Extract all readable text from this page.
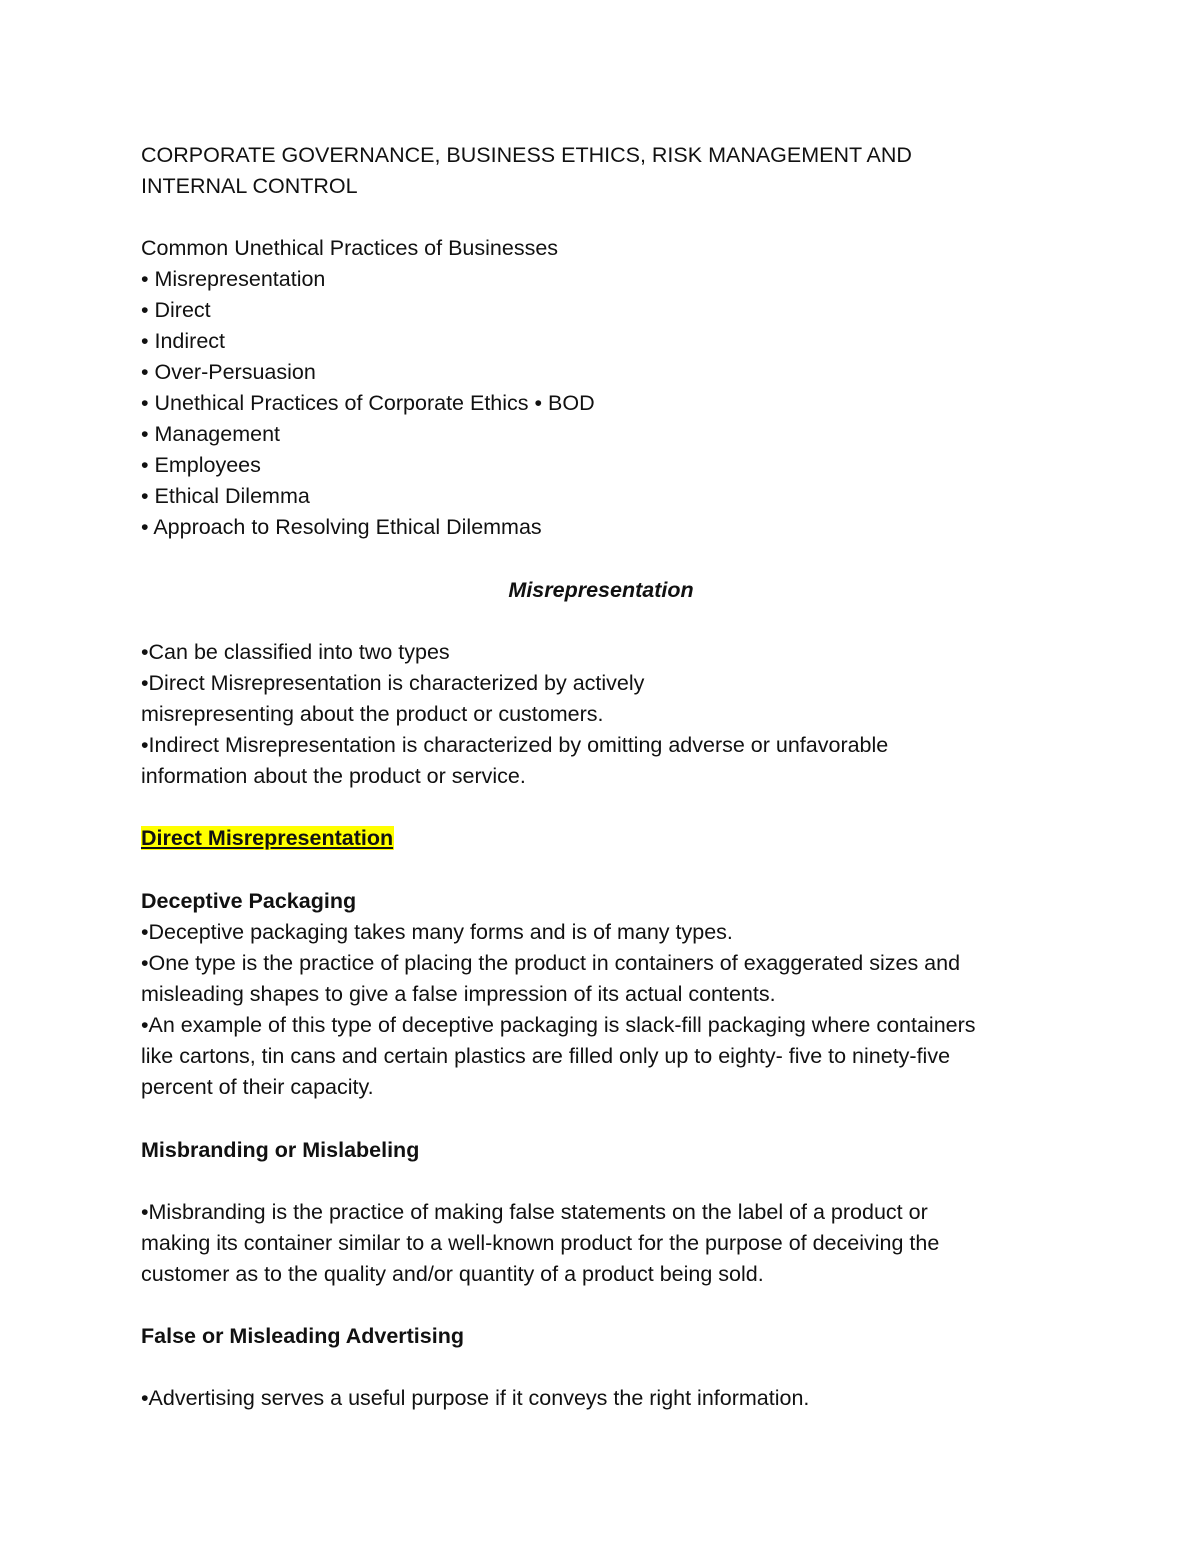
CORPORATE GOVERNANCE, BUSINESS ETHICS, RISK MANAGEMENT AND
INTERNAL CONTROL
Common Unethical Practices of Businesses
• Misrepresentation
• Direct
• Indirect
• Over-Persuasion
• Unethical Practices of Corporate Ethics • BOD
• Management
• Employees
• Ethical Dilemma
• Approach to Resolving Ethical Dilemmas
Misrepresentation
•Can be classified into two types
•Direct Misrepresentation is characterized by actively
misrepresenting about the product or customers.
•Indirect Misrepresentation is characterized by omitting adverse or unfavorable
information about the product or service.
Direct Misrepresentation
Deceptive Packaging
•Deceptive packaging takes many forms and is of many types.
•One type is the practice of placing the product in containers of exaggerated sizes and
misleading shapes to give a false impression of its actual contents.
•An example of this type of deceptive packaging is slack-fill packaging where containers
like cartons, tin cans and certain plastics are filled only up to eighty- five to ninety-five
percent of their capacity.
Misbranding or Mislabeling
•Misbranding is the practice of making false statements on the label of a product or
making its container similar to a well-known product for the purpose of deceiving the
customer as to the quality and/or quantity of a product being sold.
False or Misleading Advertising
•Advertising serves a useful purpose if it conveys the right information.
